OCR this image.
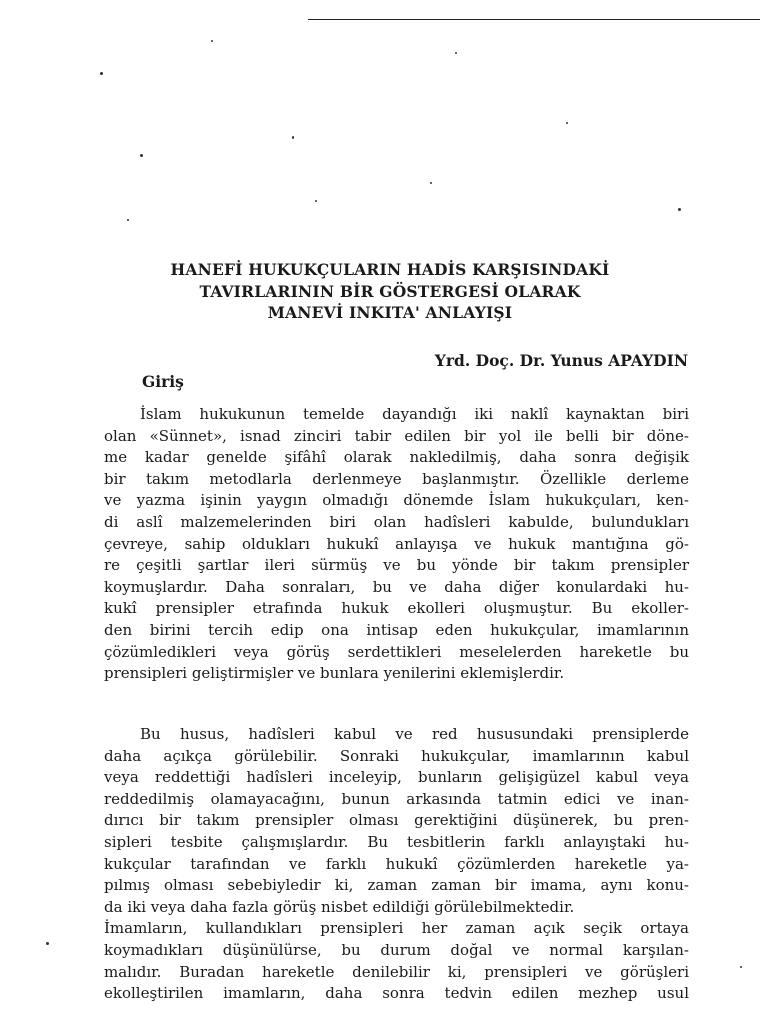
HANEFİ HUKUKÇULARIN HADİS KARŞISINDAKİ
TAVIRLARININ BİR GÖSTERGESİ OLARAK
MANEVİ INKITA' ANLAYIŞI
Yrd. Doç. Dr. Yunus APAYDIN
Giriş
İslam hukukunun temelde dayandığı iki naklî kaynaktan biri
olan «Sünnet», isnad zinciri tabir edilen bir yol ile belli bir döne-
me kadar genelde şifâhî olarak nakledilmiş, daha sonra değişik
bir takım metodlarla derlenmeye başlanmıştır. Özellikle derleme
ve yazma işinin yaygın olmadığı dönemde İslam hukukçuları, ken-
di aslî malzemelerinden biri olan hadîsleri kabulde, bulundukları
çevreye, sahip oldukları hukukî anlayışa ve hukuk mantığına gö-
re çeşitli şartlar ileri sürmüş ve bu yönde bir takım prensipler
koymuşlardır. Daha sonraları, bu ve daha diğer konulardaki hu-
kukî prensipler etrafında hukuk ekolleri oluşmuştur. Bu ekoller-
den birini tercih edip ona intisap eden hukukçular, imamlarının
çözümledikleri veya görüş serdettikleri meselelerden hareketle bu
prensipleri geliştirmişler ve bunlara yenilerini eklemişlerdir.
Bu husus, hadîsleri kabul ve red hususundaki prensiplerde
daha açıkça görülebilir. Sonraki hukukçular, imamlarının kabul
veya reddettiği hadîsleri inceleyip, bunların gelişigüzel kabul veya
reddedilmiş olamayacağını, bunun arkasında tatmin edici ve inan-
dırıcı bir takım prensipler olması gerektiğini düşünerek, bu pren-
sipleri tesbite çalışmışlardır. Bu tesbitlerin farklı anlayıştaki hu-
kukçular tarafından ve farklı hukukî çözümlerden hareketle ya-
pılmış olması sebebiyledir ki, zaman zaman bir imama, aynı konu-
da iki veya daha fazla görüş nisbet edildiği görülebilmektedir.
İmamların, kullandıkları prensipleri her zaman açık seçik ortaya
koymadıkları düşünülürse, bu durum doğal ve normal karşılan-
malıdır. Buradan hareketle denilebilir ki, prensipleri ve görüşleri
ekolleştirilen imamların, daha sonra tedvin edilen mezhep usul
